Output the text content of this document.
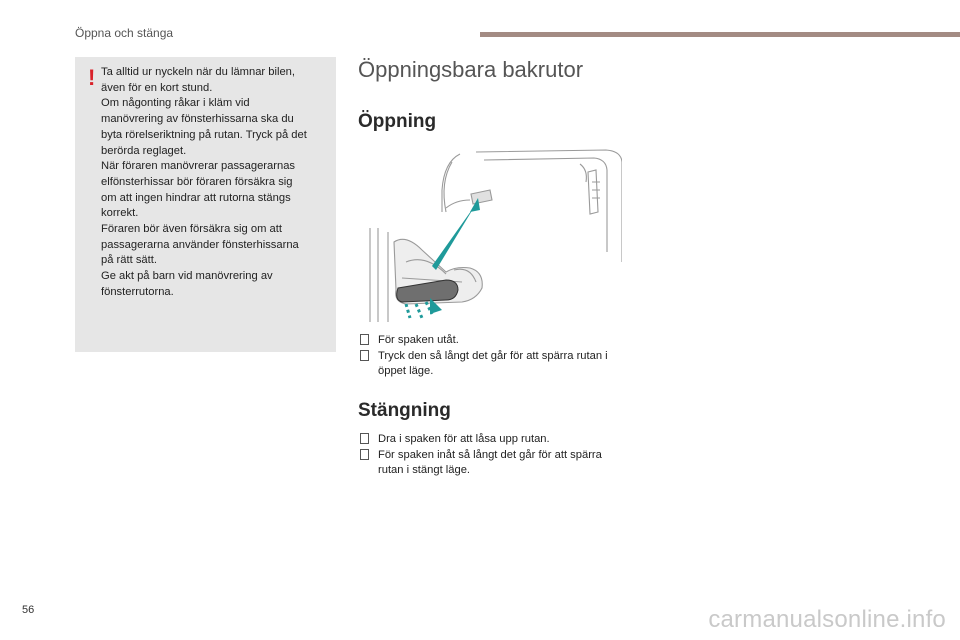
Öppna och stänga
! Ta alltid ur nyckeln när du lämnar bilen,
även för en kort stund.
Om någonting råkar i kläm vid
manövrering av fönsterhissarna ska du
byta rörelseriktning på rutan. Tryck på det
berörda reglaget.
När föraren manövrerar passagerarnas
elfönsterhissar bör föraren försäkra sig
om att ingen hindrar att rutorna stängs
korrekt.
Föraren bör även försäkra sig om att
passagerarna använder fönsterhissarna
på rätt sätt.
Ge akt på barn vid manövrering av
fönsterrutorna.
Öppningsbara bakrutor
Öppning
För spaken utåt.
Tryck den så långt det går för att spärra rutan i öppet läge.
Stängning
Dra i spaken för att låsa upp rutan.
För spaken inåt så långt det går för att spärra rutan i stängt läge.
56	carmanualsonline.info
